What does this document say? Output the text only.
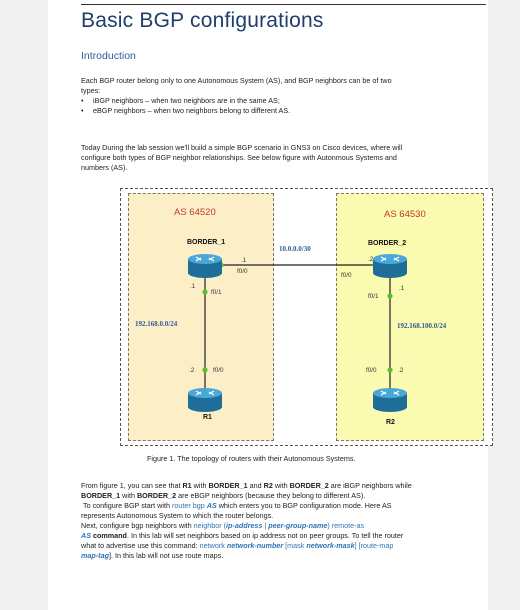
Basic BGP configurations
Introduction
Each BGP router belong only to one Autonomous System (AS), and BGP neighbors can be of two
types:
• iBGP neighbors – when two neighbors are in the same AS;
• eBGP neighbors – when two neighbors belong to different AS.
Today During the lab session we'll build a simple BGP scenario in GNS3 on Cisco devices, where will
configure both types of BGP neighbor relationships. See below figure with Autonmous Systems and
numbers (AS).
AS 64520	AS 64530
BORDER_1	BORDER_2
R1
R2
10.0.0.0/30
192.168.0.0/24	192.168.100.0/24
.1
f0/0
.1
f0/1
.2
f0/0
f0/1
.1
.2	f0/0	f0/0	.2
Figure 1. The topology of routers with their Autonomous Systems.
From figure 1, you can see that R1 with BORDER_1 and R2 with BORDER_2 are iBGP neighbors while
BORDER_1 with BORDER_2 are eBGP neighbors (because they belong to different AS).
To configure BGP start with router bgp AS which enters you to BGP configuration mode. Here AS
represents Autonomous System to which the router belongs.
Next, configure bgp neighbors with neighbor (ip-address | peer-group-name) remote-as
AS command. In this lab will set neighbors based on ip address not on peer groups. To tell the router
what to advertise use this command: network network-number [mask network-mask] [route-map
map-tag]. In this lab will not use route maps.
